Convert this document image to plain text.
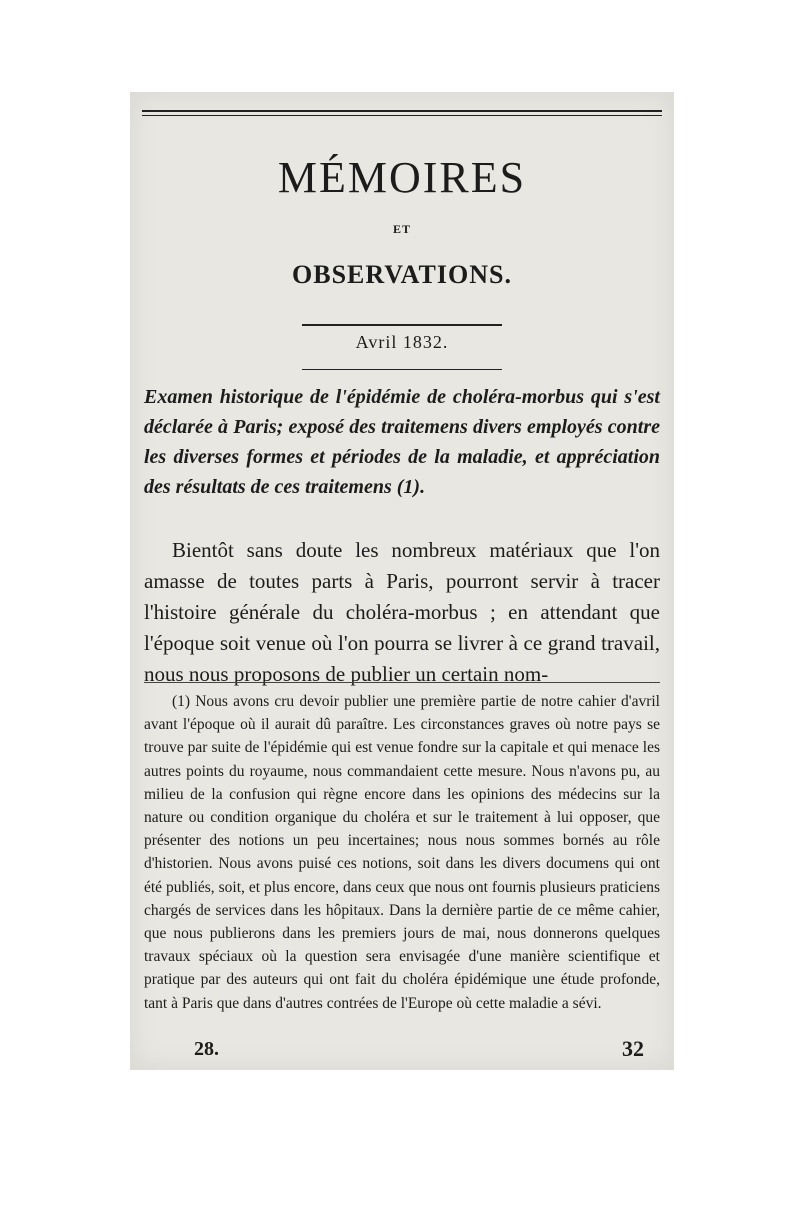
MÉMOIRES
ET
OBSERVATIONS.
Avril 1832.
Examen historique de l'épidémie de choléra-morbus qui s'est déclarée à Paris; exposé des traitemens divers employés contre les diverses formes et périodes de la maladie, et appréciation des résultats de ces traitemens (1).
Bientôt sans doute les nombreux matériaux que l'on amasse de toutes parts à Paris, pourront servir à tracer l'histoire générale du choléra-morbus ; en attendant que l'époque soit venue où l'on pourra se livrer à ce grand travail, nous nous proposons de publier un certain nom-
(1) Nous avons cru devoir publier une première partie de notre cahier d'avril avant l'époque où il aurait dû paraître. Les circonstances graves où notre pays se trouve par suite de l'épidémie qui est venue fondre sur la capitale et qui menace les autres points du royaume, nous commandaient cette mesure. Nous n'avons pu, au milieu de la confusion qui règne encore dans les opinions des médecins sur la nature ou condition organique du choléra et sur le traitement à lui opposer, que présenter des notions un peu incertaines; nous nous sommes bornés au rôle d'historien. Nous avons puisé ces notions, soit dans les divers documens qui ont été publiés, soit, et plus encore, dans ceux que nous ont fournis plusieurs praticiens chargés de services dans les hôpitaux. Dans la dernière partie de ce même cahier, que nous publierons dans les premiers jours de mai, nous donnerons quelques travaux spéciaux où la question sera envisagée d'une manière scientifique et pratique par des auteurs qui ont fait du choléra épidémique une étude profonde, tant à Paris que dans d'autres contrées de l'Europe où cette maladie a sévi.
28.	32
